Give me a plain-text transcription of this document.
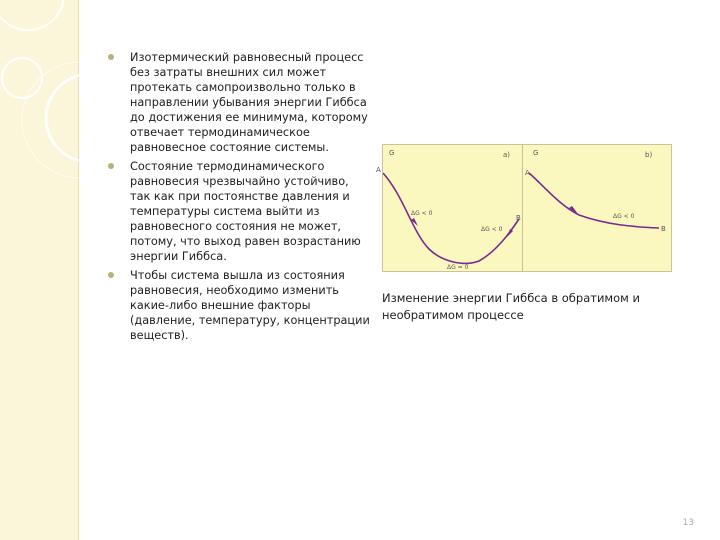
Изотермический равновесный процесс без затраты внешних сил может протекать самопроизвольно только в направлении убывания энергии Гиббса до достижения ее минимума, которому отвечает термодинамическое равновесное состояние системы.
Состояние термодинамического равновесия чрезвычайно устойчиво, так как при постоянстве давления и температуры система выйти из равновесного состояния не может, потому, что выход равен возрастанию энергии Гиббса.
Чтобы система вышла из состояния равновесия, необходимо изменить какие-либо внешние факторы (давление, температуру, концентрации веществ).
G	a)
ΔG < 0
ΔG < 0
ΔG = 0
A
B
G	b)
ΔG < 0
A
B
Изменение энергии Гиббса в обратимом и необратимом процессе
13
